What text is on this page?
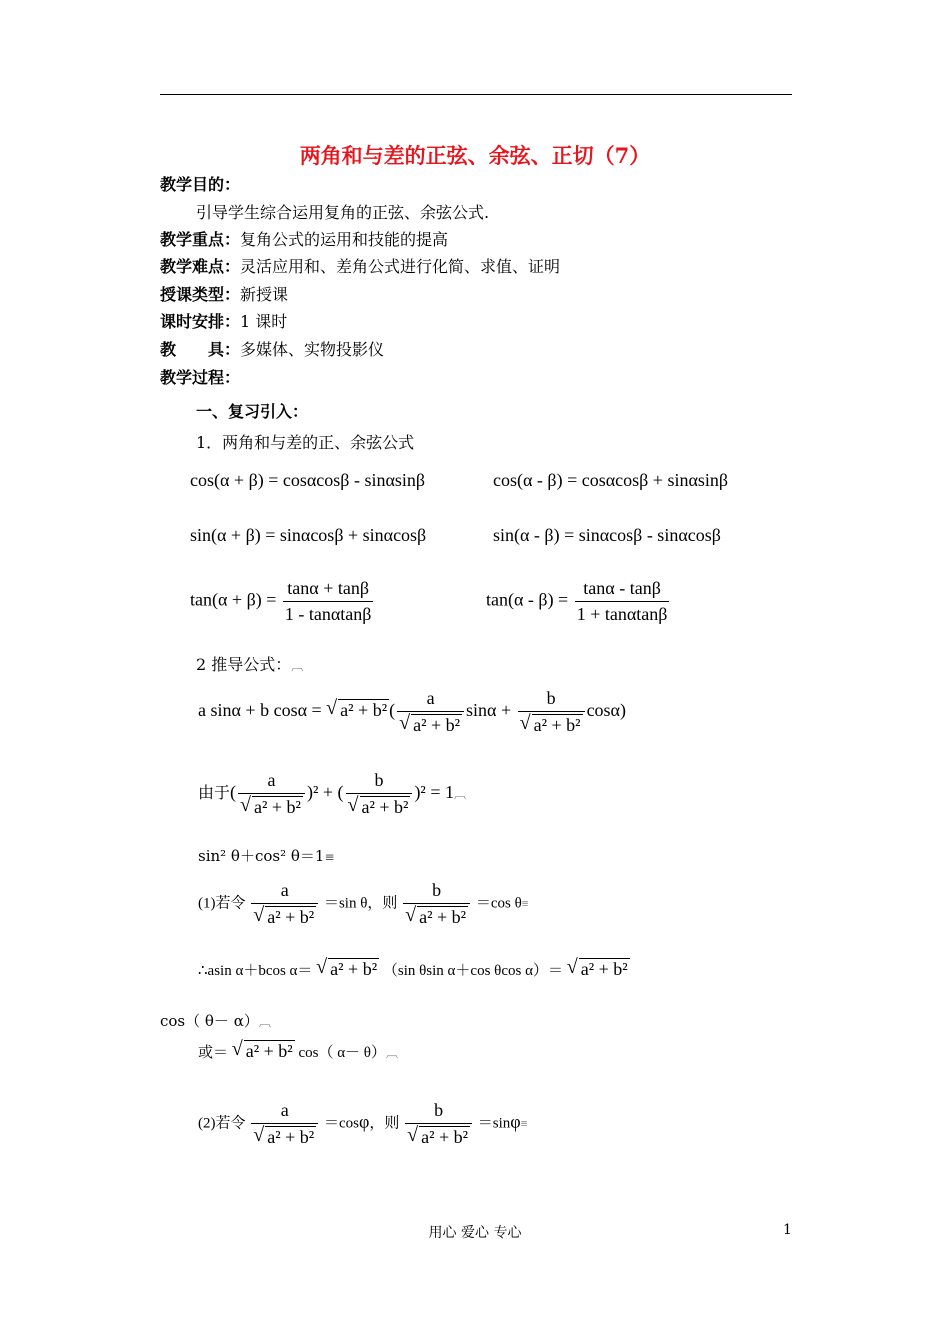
两角和与差的正弦、余弦、正切（7）
教学目的：
引导学生综合运用复角的正弦、余弦公式.
教学重点：复角公式的运用和技能的提高
教学难点：灵活应用和、差角公式进行化简、求值、证明
授课类型：新授课
课时安排：1 课时
教　　具：多媒体、实物投影仪
教学过程：
一、复习引入：
1．两角和与差的正、余弦公式
cos(α + β) = cosαcosβ - sinαsinβ	cos(α - β) = cosαcosβ + sinαsinβ
sin(α + β) = sinαcosβ + sinαcosβ	sin(α - β) = sinαcosβ - sinαcosβ
$\tan(\alpha + \beta) = \frac{\tan\alpha + \tan\beta}{1 - \tan\alpha\tan\beta}$	$\tan(\alpha - \beta) = \frac{\tan\alpha - \tan\beta}{1 + \tan\alpha\tan\beta}$
2 推导公式：︹
a sinα + b cosα = √ a² + b² ( a
√ a² + b² sinα + b
√ a² + b² cosα)
由于( a
√ a² + b² )² + ( b
√ a² + b² )² = 1︹
sin² θ＋cos² θ＝1≡
(1)若令 a
√ a² + b² ＝sin θ，则 b
√ a² + b² ＝cos θ≡
∴asin α＋bcos α＝ √ a² + b² （sin θsin α＋cos θcos α）＝ √ a² + b²
cos（ θ－ α）︹
或＝ √ a² + b² cos（ α－ θ）︹
(2)若令 a
√ a² + b² ＝cosφ，则 b
√ a² + b² ＝sinφ≡
用心 爱心 专心	1
